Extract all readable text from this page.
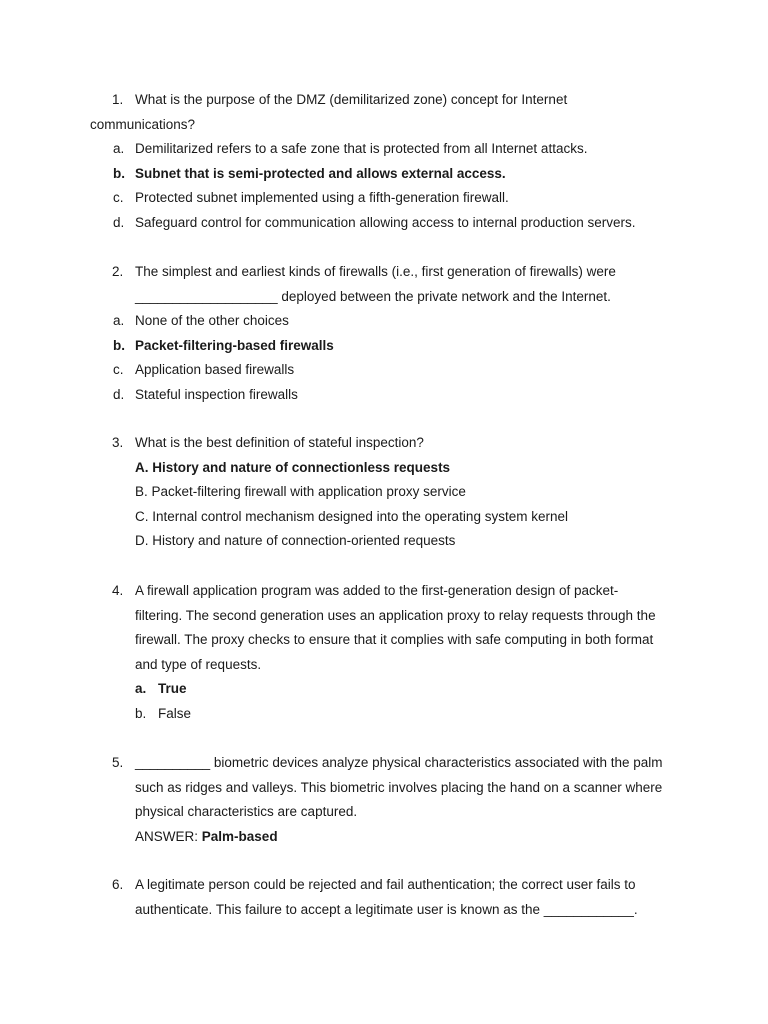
1. What is the purpose of the DMZ (demilitarized zone) concept for Internet
communications?
a. Demilitarized refers to a safe zone that is protected from all Internet attacks.
b. Subnet that is semi-protected and allows external access.
c. Protected subnet implemented using a fifth-generation firewall.
d. Safeguard control for communication allowing access to internal production servers.
2. The simplest and earliest kinds of firewalls (i.e., first generation of firewalls) were
___________________ deployed between the private network and the Internet.
a. None of the other choices
b. Packet-filtering-based firewalls
c. Application based firewalls
d. Stateful inspection firewalls
3. What is the best definition of stateful inspection?
A. History and nature of connectionless requests
B. Packet-filtering firewall with application proxy service
C. Internal control mechanism designed into the operating system kernel
D. History and nature of connection-oriented requests
4. A firewall application program was added to the first-generation design of packet-
filtering. The second generation uses an application proxy to relay requests through the
firewall. The proxy checks to ensure that it complies with safe computing in both format
and type of requests.
a. True
b. False
5. __________ biometric devices analyze physical characteristics associated with the palm
such as ridges and valleys. This biometric involves placing the hand on a scanner where
physical characteristics are captured.
ANSWER: Palm-based
6. A legitimate person could be rejected and fail authentication; the correct user fails to
authenticate. This failure to accept a legitimate user is known as the ____________.
